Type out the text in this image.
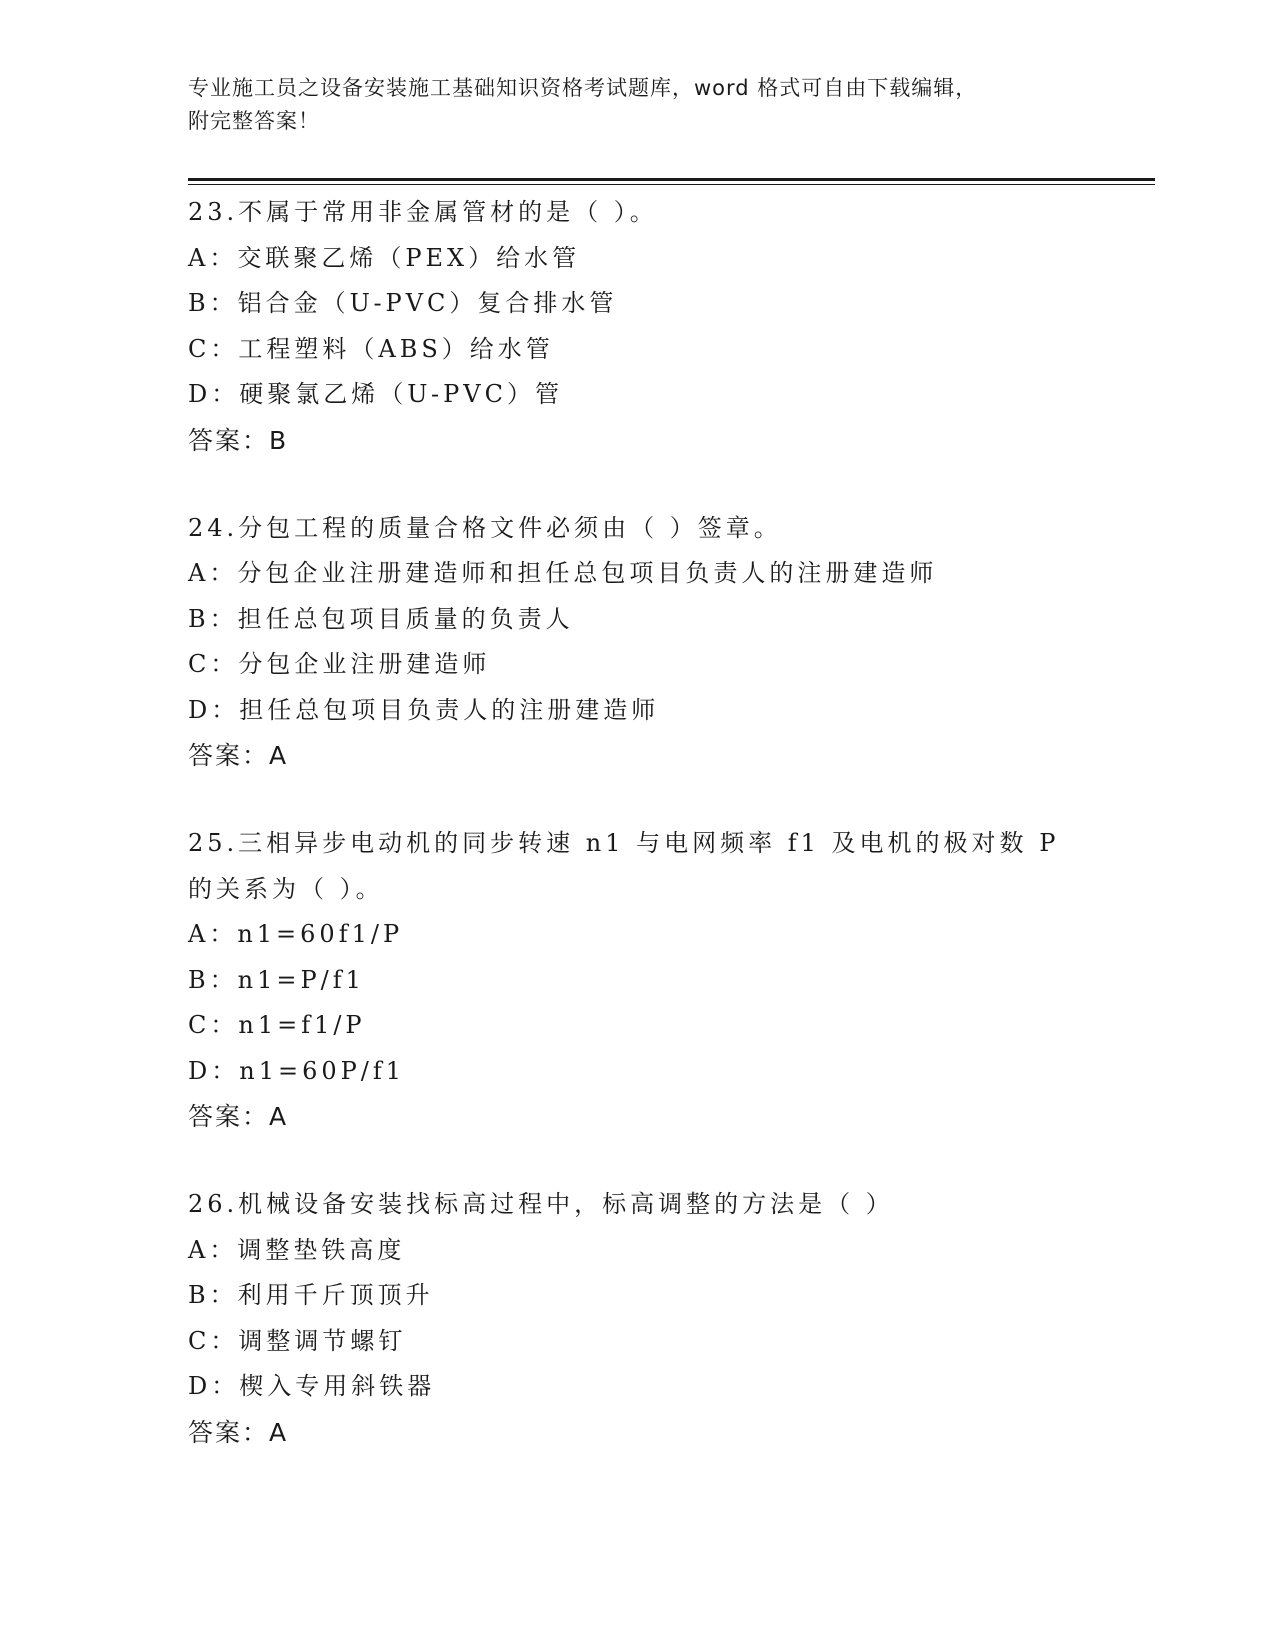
专业施工员之设备安装施工基础知识资格考试题库，word 格式可自由下载编辑，
附完整答案！
23.不属于常用非金属管材的是（ ）。
A：交联聚乙烯（PEX）给水管
B：铝合金（U-PVC）复合排水管
C：工程塑料（ABS）给水管
D：硬聚氯乙烯（U-PVC）管
答案：B
24.分包工程的质量合格文件必须由（ ）签章。
A：分包企业注册建造师和担任总包项目负责人的注册建造师
B：担任总包项目质量的负责人
C：分包企业注册建造师
D：担任总包项目负责人的注册建造师
答案：A
25.三相异步电动机的同步转速 n1 与电网频率 f1 及电机的极对数 P 的关系为（ ）。
A：n1=60f1/P
B：n1=P/f1
C：n1=f1/P
D：n1=60P/f1
答案：A
26.机械设备安装找标高过程中，标高调整的方法是（ ）
A：调整垫铁高度
B：利用千斤顶顶升
C：调整调节螺钉
D：楔入专用斜铁器
答案：A
